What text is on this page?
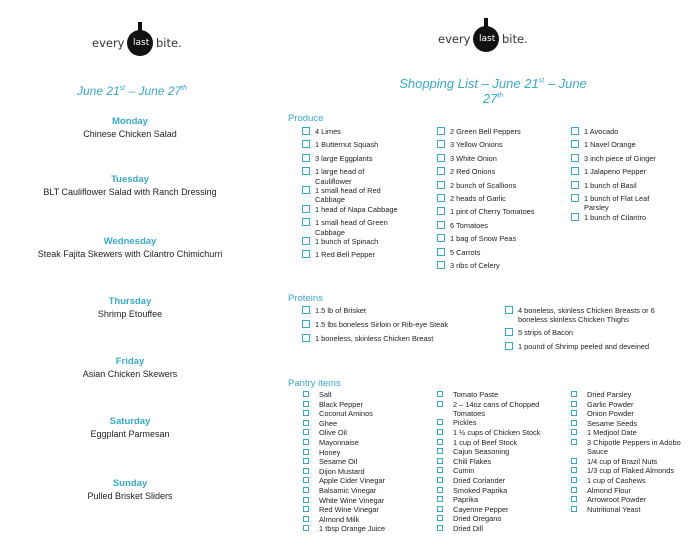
every last bite.	every last bite.
June 21st – June 27th	Shopping List – June 21st – June 27th
Monday
Chinese Chicken Salad
Tuesday
BLT Cauliflower Salad with Ranch Dressing
Wednesday
Steak Fajita Skewers with Cilantro Chimichurri
Thursday
Shrimp Etouffee
Friday
Asian Chicken Skewers
Saturday
Eggplant Parmesan
Sunday
Pulled Brisket Sliders
Produce
4 Limes
1 Butternut Squash
3 large Eggplants
1 large head of Cauliflower
1 small head of Red Cabbage
1 head of Napa Cabbage
1 small head of Green Cabbage
1 bunch of Spinach
1 Red Bell Pepper
2 Green Bell Peppers
3 Yellow Onions
3 White Onion
2 Red Onions
2 bunch of Scallions
2 heads of Garlic
1 pint of Cherry Tomatoes
6 Tomatoes
1 bag of Snow Peas
5 Carrots
3 ribs of Celery
1 Avocado
1 Navel Orange
3 inch piece of Ginger
1 Jalapeno Pepper
1 bunch of Basil
1 bunch of Flat Leaf Parsley
1 bunch of Cilantro
Proteins
1.5 lb of Brisket
1.5 lbs boneless Sirloin or Rib-eye Steak
1 boneless, skinless Chicken Breast
4 boneless, skinless Chicken Breasts or 6 boneless skinless Chicken Thighs
5 strips of Bacon
1 pound of Shrimp peeled and deveined
Pantry items
Salt
Black Pepper
Coconut Aminos
Ghee
Olive Oil
Mayonnaise
Honey
Sesame Oil
Dijon Mustard
Apple Cider Vinegar
Balsamic Vinegar
White Wine Vinegar
Red Wine Vinegar
Almond Milk
1 tbsp Orange Juice
Tomato Paste
2 – 14oz cans of Chopped Tomatoes
Pickles
1 ½ cups of Chicken Stock
1 cup of Beef Stock
Cajun Seasoning
Chili Flakes
Cumin
Dried Coriander
Smoked Paprika
Paprika
Cayenne Pepper
Dried Oregano
Dried Dill
Dried Parsley
Garlic Powder
Onion Powder
Sesame Seeds
1 Medjool Date
3 Chipotle Peppers in Adobo Sauce
1/4 cup of Brazil Nuts
1/3 cup of Flaked Almonds
1 cup of Cashews
Almond Flour
Arrowroot Powder
Nutritional Yeast
